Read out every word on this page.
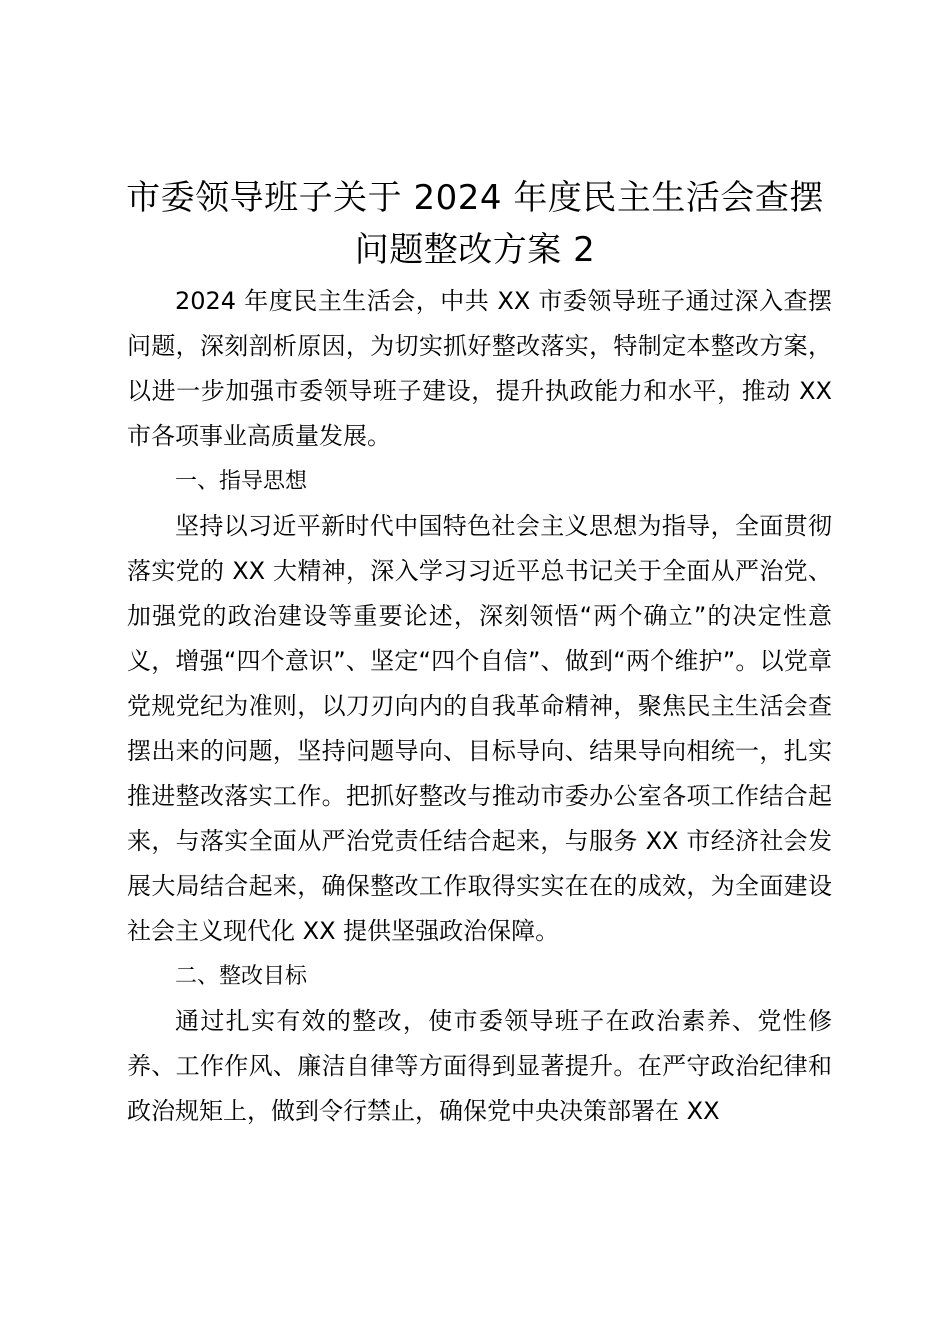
市委领导班子关于 2024 年度民主生活会查摆问题整改方案 2

2024 年度民主生活会，中共 XX 市委领导班子通过深入查摆问题，深刻剖析原因，为切实抓好整改落实，特制定本整改方案，以进一步加强市委领导班子建设，提升执政能力和水平，推动 XX 市各项事业高质量发展。

一、指导思想

坚持以习近平新时代中国特色社会主义思想为指导，全面贯彻落实党的 XX 大精神，深入学习习近平总书记关于全面从严治党、加强党的政治建设等重要论述，深刻领悟“两个确立”的决定性意义，增强“四个意识”、坚定“四个自信”、做到“两个维护”。以党章党规党纪为准则，以刀刃向内的自我革命精神，聚焦民主生活会查摆出来的问题，坚持问题导向、目标导向、结果导向相统一，扎实推进整改落实工作。把抓好整改与推动市委办公室各项工作结合起来，与落实全面从严治党责任结合起来，与服务 XX 市经济社会发展大局结合起来，确保整改工作取得实实在在的成效，为全面建设社会主义现代化 XX 提供坚强政治保障。

二、整改目标

通过扎实有效的整改，使市委领导班子在政治素养、党性修养、工作作风、廉洁自律等方面得到显著提升。在严守政治纪律和政治规矩上，做到令行禁止，确保党中央决策部署在 XX
